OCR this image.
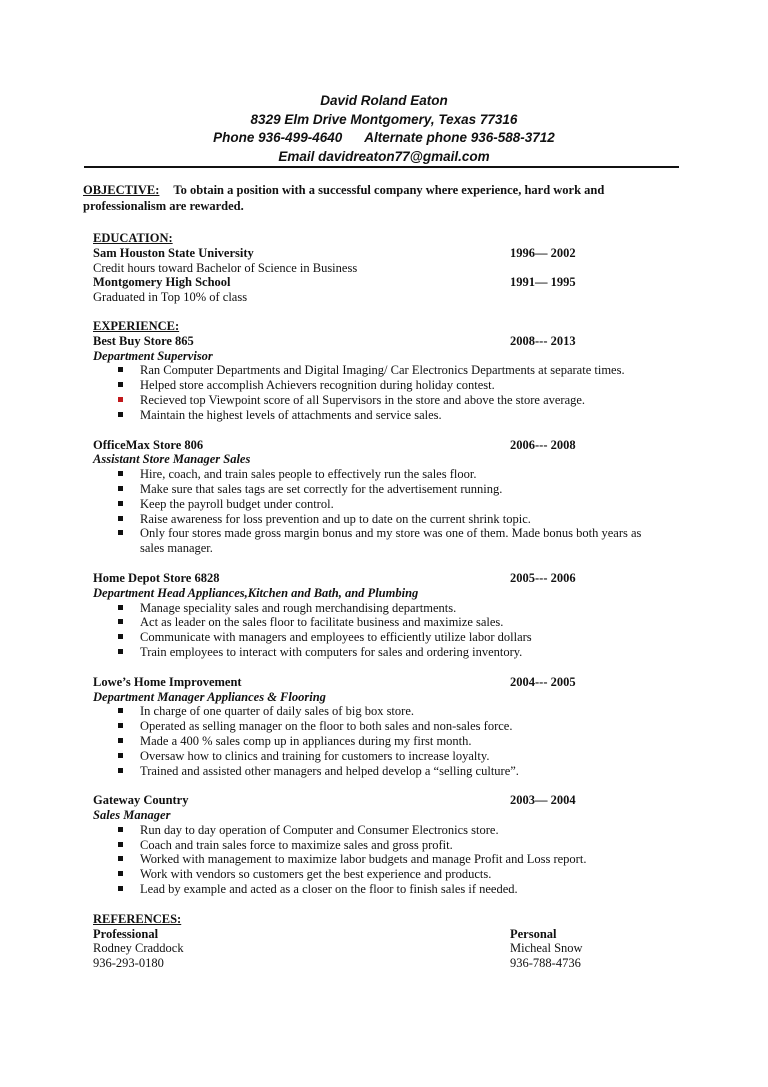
David Roland Eaton
8329 Elm Drive Montgomery, Texas 77316
Phone 936-499-4640 Alternate phone 936-588-3712
Email davidreaton77@gmail.com
OBJECTIVE: To obtain a position with a successful company where experience, hard work and professionalism are rewarded.
EDUCATION:
Sam Houston State University	1996— 2002
Credit hours toward Bachelor of Science in Business
Montgomery High School	1991— 1995
Graduated in Top 10% of class
EXPERIENCE:
Best Buy Store 865	2008--- 2013
Department Supervisor
Ran Computer Departments and Digital Imaging/ Car Electronics Departments at separate times.
Helped store accomplish Achievers recognition during holiday contest.
Recieved top Viewpoint score of all Supervisors in the store and above the store average.
Maintain the highest levels of attachments and service sales.
OfficeMax Store 806	2006--- 2008
Assistant Store Manager Sales
Hire, coach, and train sales people to effectively run the sales floor.
Make sure that sales tags are set correctly for the advertisement running.
Keep the payroll budget under control.
Raise awareness for loss prevention and up to date on the current shrink topic.
Only four stores made gross margin bonus and my store was one of them. Made bonus both years as sales manager.
Home Depot Store 6828	2005--- 2006
Department Head Appliances,Kitchen and Bath, and Plumbing
Manage speciality sales and rough merchandising departments.
Act as leader on the sales floor to facilitate business and maximize sales.
Communicate with managers and employees to efficiently utilize labor dollars
Train employees to interact with computers for sales and ordering inventory.
Lowe’s Home Improvement	2004--- 2005
Department Manager Appliances & Flooring
In charge of one quarter of daily sales of big box store.
Operated as selling manager on the floor to both sales and non-sales force.
Made a 400 % sales comp up in appliances during my first month.
Oversaw how to clinics and training for customers to increase loyalty.
Trained and assisted other managers and helped develop a “selling culture”.
Gateway Country	2003— 2004
Sales Manager
Run day to day operation of Computer and Consumer Electronics store.
Coach and train sales force to maximize sales and gross profit.
Worked with management to maximize labor budgets and manage Profit and Loss report.
Work with vendors so customers get the best experience and products.
Lead by example and acted as a closer on the floor to finish sales if needed.
REFERENCES:
Professional	Personal
Rodney Craddock	Micheal Snow
936-293-0180	936-788-4736
